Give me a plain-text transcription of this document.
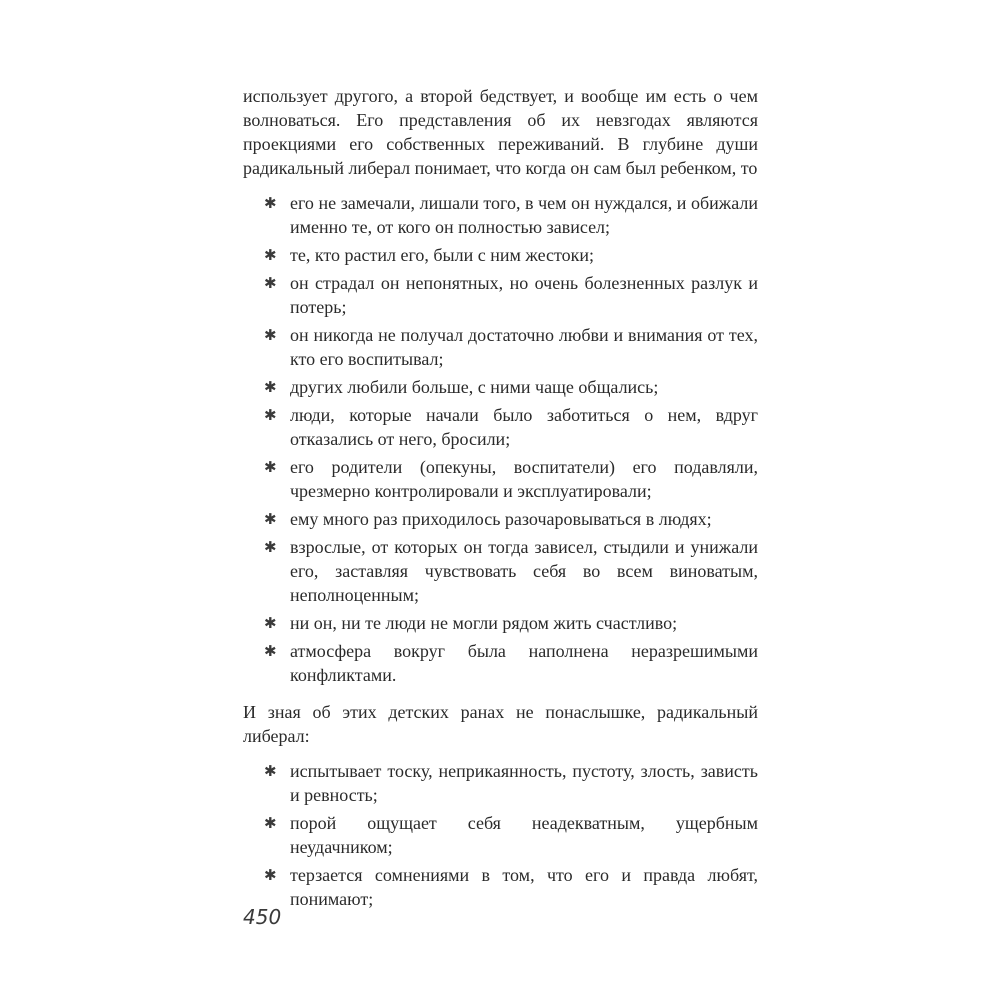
использует другого, а второй бедствует, и вообще им есть о чем волноваться. Его представления об их невзгодах являются проекциями его собственных переживаний. В глубине души радикальный либерал понимает, что когда он сам был ребенком, то

✱ его не замечали, лишали того, в чем он нуждался, и обижали именно те, от кого он полностью зависел;
✱ те, кто растил его, были с ним жестоки;
✱ он страдал он непонятных, но очень болезненных разлук и потерь;
✱ он никогда не получал достаточно любви и внимания от тех, кто его воспитывал;
✱ других любили больше, с ними чаще общались;
✱ люди, которые начали было заботиться о нем, вдруг отказались от него, бросили;
✱ его родители (опекуны, воспитатели) его подавляли, чрезмерно контролировали и эксплуатировали;
✱ ему много раз приходилось разочаровываться в людях;
✱ взрослые, от которых он тогда зависел, стыдили и унижали его, заставляя чувствовать себя во всем виноватым, неполноценным;
✱ ни он, ни те люди не могли рядом жить счастливо;
✱ атмосфера вокруг была наполнена неразрешимыми конфликтами.

И зная об этих детских ранах не понаслышке, радикальный либерал:

✱ испытывает тоску, неприкаянность, пустоту, злость, зависть и ревность;
✱ порой ощущает себя неадекватным, ущербным неудачником;
✱ терзается сомнениями в том, что его и правда любят, понимают;
450
